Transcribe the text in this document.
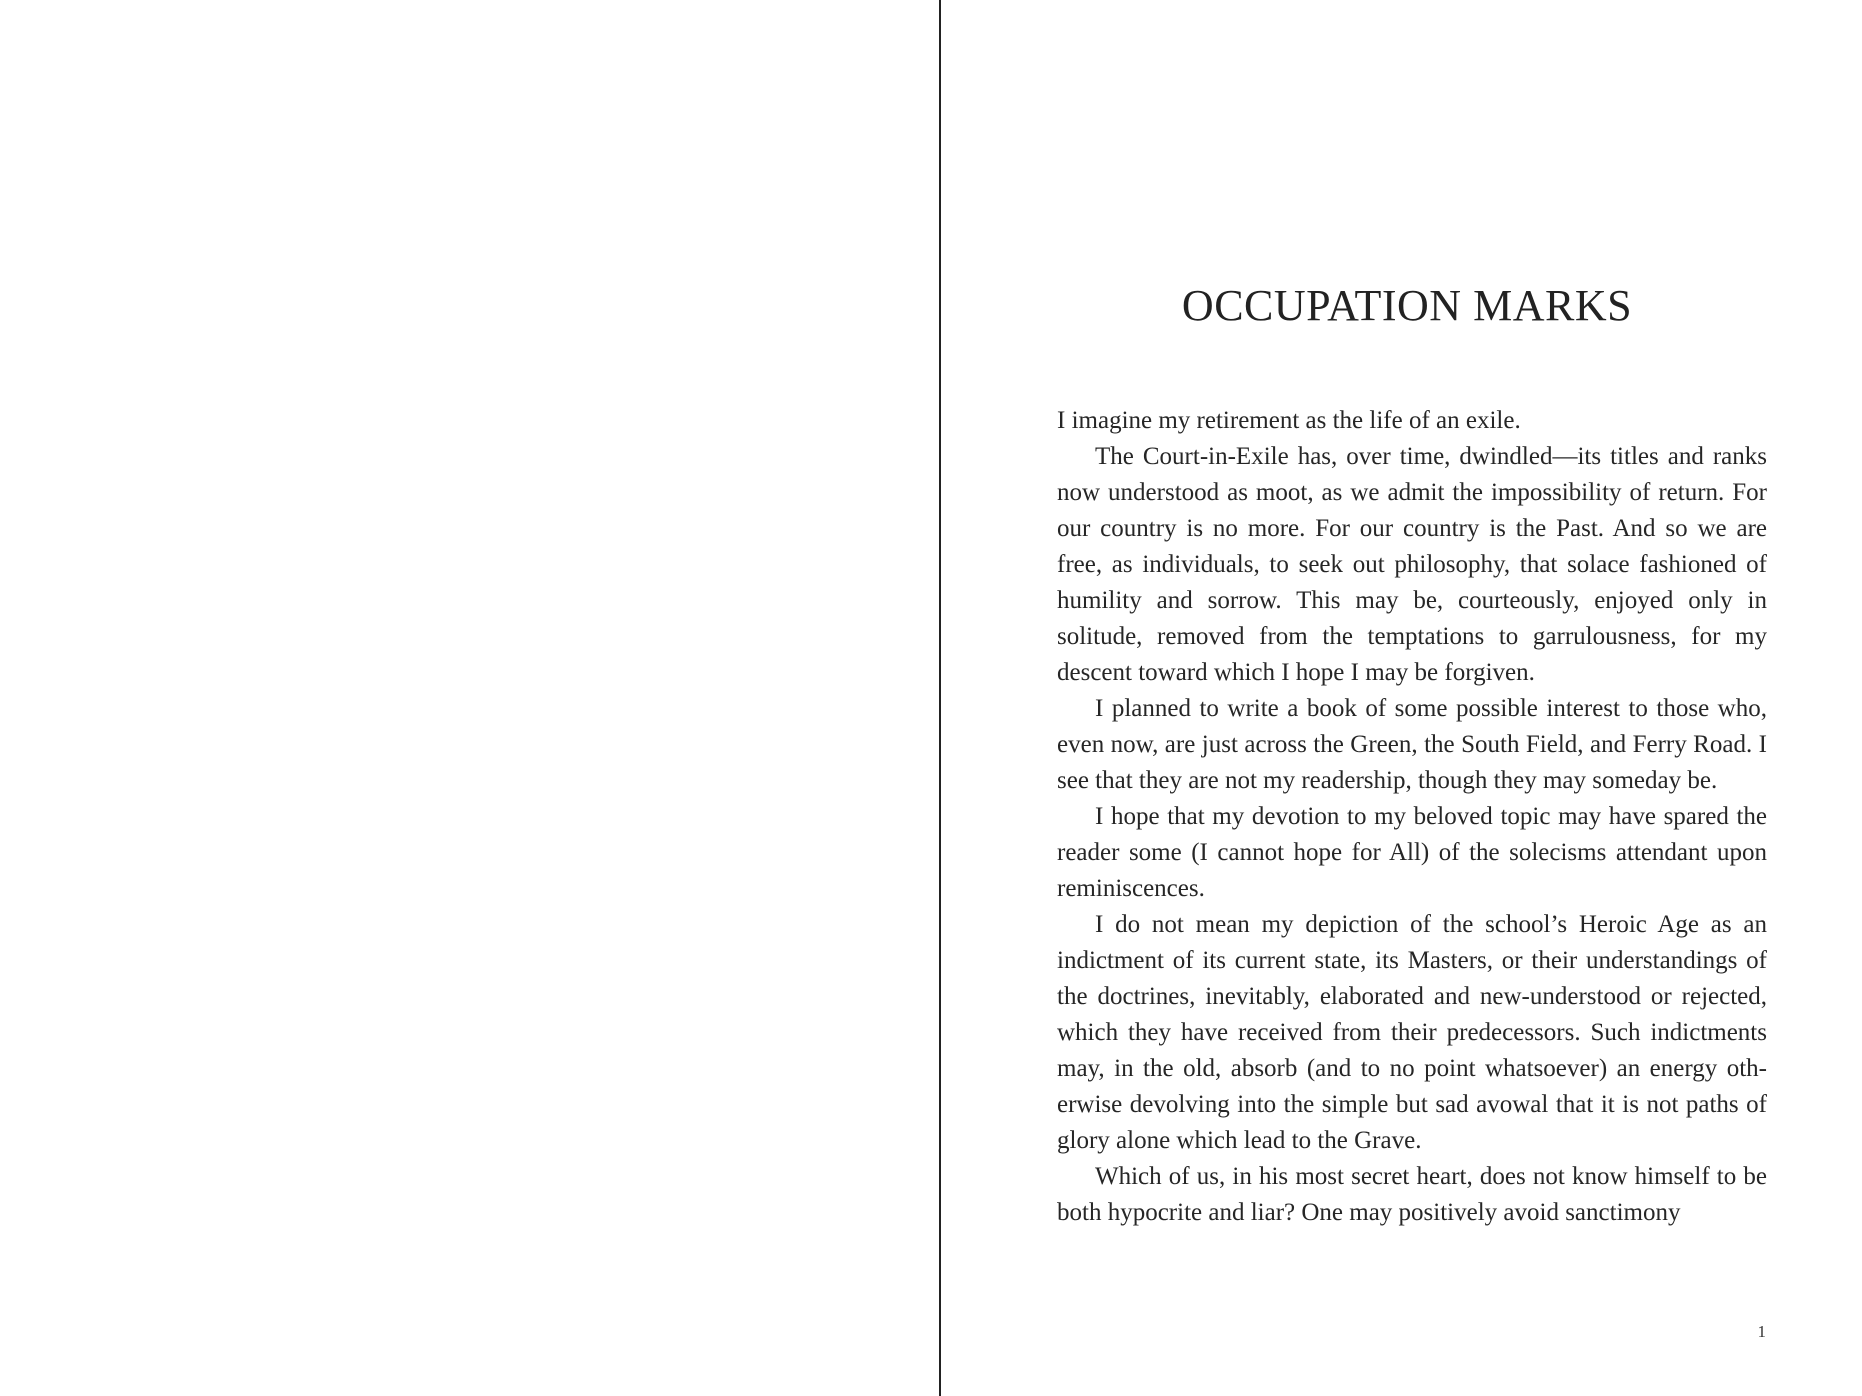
OCCUPATION MARKS

I imagine my retirement as the life of an exile.

The Court-in-Exile has, over time, dwindled—its titles and ranks now understood as moot, as we admit the impossibility of return. For our country is no more. For our country is the Past. And so we are free, as individuals, to seek out philosophy, that solace fashioned of humility and sorrow. This may be, courteously, enjoyed only in solitude, removed from the temptations to garrulousness, for my descent toward which I hope I may be forgiven.

I planned to write a book of some possible interest to those who, even now, are just across the Green, the South Field, and Ferry Road. I see that they are not my readership, though they may someday be.

I hope that my devotion to my beloved topic may have spared the reader some (I cannot hope for All) of the solecisms attendant upon reminiscences.

I do not mean my depiction of the school’s Heroic Age as an indictment of its current state, its Masters, or their understandings of the doctrines, inevitably, elaborated and new-understood or rejected, which they have received from their predecessors. Such indictments may, in the old, absorb (and to no point whatsoever) an energy otherwise devolving into the simple but sad avowal that it is not paths of glory alone which lead to the Grave.

Which of us, in his most secret heart, does not know himself to be both hypocrite and liar? One may positively avoid sanctimony

1
